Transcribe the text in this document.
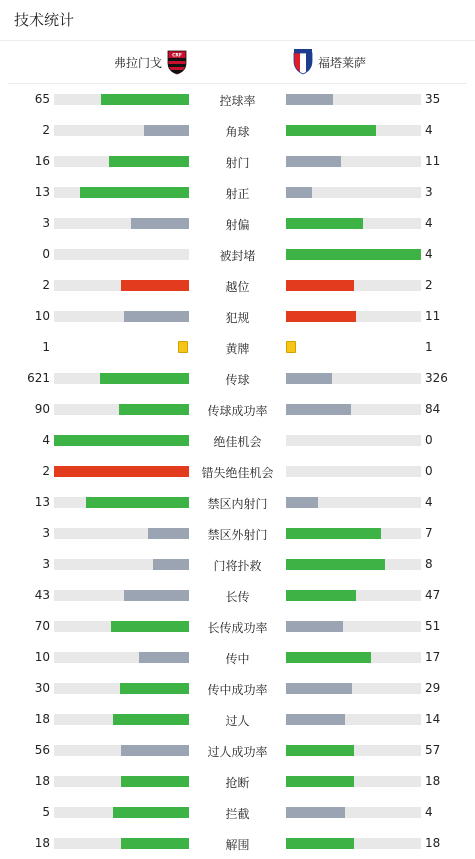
技术统计
弗拉门戈 CRF	福塔莱萨
65	控球率	35
2	角球	4
16	射门	11
13	射正	3
3	射偏	4
0	被封堵	4
2	越位	2
10	犯规	11
1	黄牌	1
621	传球	326
90	传球成功率	84
4	绝佳机会	0
2	错失绝佳机会	0
13	禁区内射门	4
3	禁区外射门	7
3	门将扑救	8
43	长传	47
70	长传成功率	51
10	传中	17
30	传中成功率	29
18	过人	14
56	过人成功率	57
18	抢断	18
5	拦截	4
18	解围	18
